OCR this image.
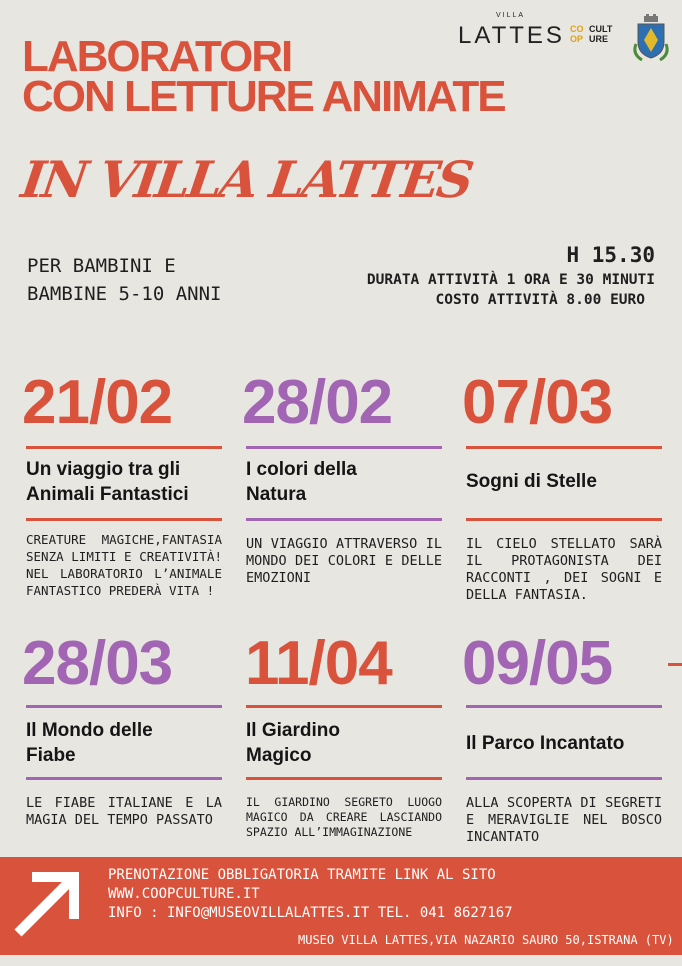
LABORATORI
CON LETTURE ANIMATE
IN VILLA LATTES
VILLA
LATTES CO CULT
OP URE
PER BAMBINI E
BAMBINE 5-10 ANNI
H 15.30
DURATA ATTIVITÀ 1 ORA E 30 MINUTI
COSTO ATTIVITÀ 8.00 EURO
21/02 28/02 07/03
Un viaggio tra gli
Animali Fantastici
I colori della
Natura
Sogni di Stelle
CREATURE MAGICHE,FANTASIA SENZA LIMITI E CREATIVITÀ! NEL LABORATORIO L’ANIMALE FANTASTICO PREDERÀ VITA !
UN VIAGGIO ATTRAVERSO IL MONDO DEI COLORI E DELLE EMOZIONI
IL CIELO STELLATO SARÀ IL PROTAGONISTA DEI RACCONTI , DEI SOGNI E DELLA FANTASIA.
28/03 11/04 09/05
Il Mondo delle
Fiabe
Il Giardino
Magico
Il Parco Incantato
LE FIABE ITALIANE E LA MAGIA DEL TEMPO PASSATO
IL GIARDINO SEGRETO LUOGO MAGICO DA CREARE LASCIANDO SPAZIO ALL’IMMAGINAZIONE
ALLA SCOPERTA DI SEGRETI E MERAVIGLIE NEL BOSCO INCANTATO
PRENOTAZIONE OBBLIGATORIA TRAMITE LINK AL SITO
WWW.COOPCULTURE.IT
INFO : INFO@MUSEOVILLALATTES.IT TEL. 041 8627167
MUSEO VILLA LATTES,VIA NAZARIO SAURO 50,ISTRANA (TV)
